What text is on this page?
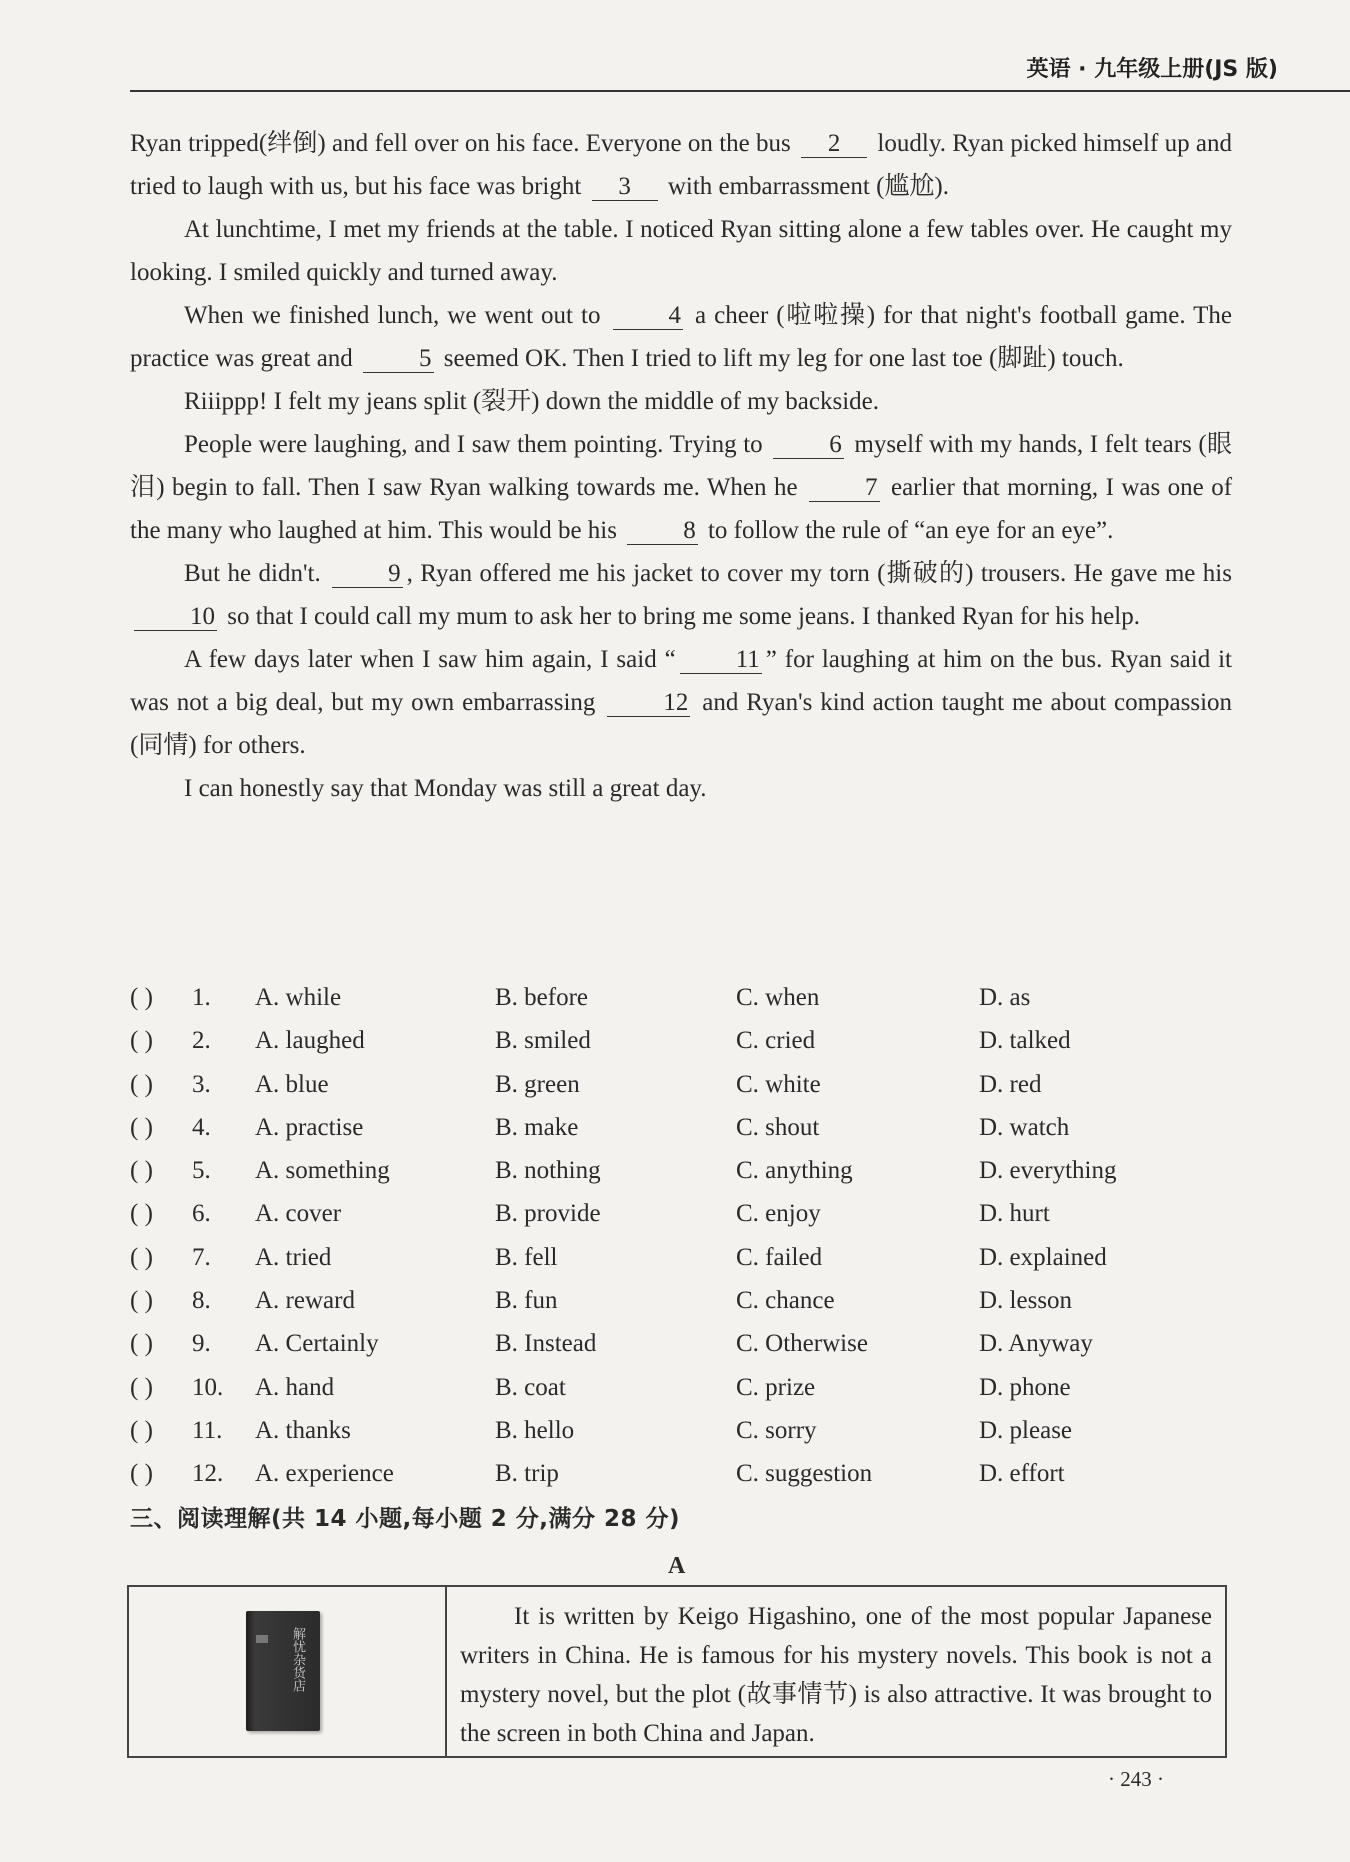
英语 · 九年级上册(JS 版)

Ryan tripped(绊倒) and fell over on his face. Everyone on the bus 2 loudly. Ryan picked himself up and tried to laugh with us, but his face was bright 3 with embarrassment (尴尬).

At lunchtime, I met my friends at the table. I noticed Ryan sitting alone a few tables over. He caught my looking. I smiled quickly and turned away.

When we finished lunch, we went out to	4 a cheer (啦啦操) for that night's football game. The practice was great and	5 seemed OK. Then I tried to lift my leg for one last toe (脚趾) touch.

Riiippp! I felt my jeans split (裂开) down the middle of my backside.

People were laughing, and I saw them pointing. Trying to	6 myself with my hands, I felt tears (眼泪) begin to fall. Then I saw Ryan walking towards me. When he	7 earlier that morning, I was one of the many who laughed at him. This would be his	8 to follow the rule of “an eye for an eye”.

But he didn't.	9 , Ryan offered me his jacket to cover my torn (撕破的) trousers. He gave me his 10 so that I could call my mum to ask her to bring me some jeans. I thanked Ryan for his help.

A few days later when I saw him again, I said “ 11 ” for laughing at him on the bus. Ryan said it was not a big deal, but my own embarrassing	12 and Ryan's kind action taught me about compassion (同情) for others.

I can honestly say that Monday was still a great day.

( ) 1. A. while	B. before	C. when	D. as
( ) 2. A. laughed	B. smiled	C. cried	D. talked
( ) 3. A. blue	B. green	C. white	D. red
( ) 4. A. practise	B. make	C. shout	D. watch
( ) 5. A. something	B. nothing	C. anything	D. everything
( ) 6. A. cover	B. provide	C. enjoy	D. hurt
( ) 7. A. tried	B. fell	C. failed	D. explained
( ) 8. A. reward	B. fun	C. chance	D. lesson
( ) 9. A. Certainly	B. Instead	C. Otherwise	D. Anyway
( ) 10. A. hand	B. coat	C. prize	D. phone
( ) 11. A. thanks	B. hello	C. sorry	D. please
( ) 12. A. experience	B. trip	C. suggestion	D. effort
三、阅读理解(共 14 小题,每小题 2 分,满分 28 分)
A
解忧杂货店

It is written by Keigo Higashino, one of the most popular Japanese writers in China. He is famous for his mystery novels. This book is not a mystery novel, but the plot (故事情节) is also attractive. It was brought to the screen in both China and Japan.

· 243 ·
